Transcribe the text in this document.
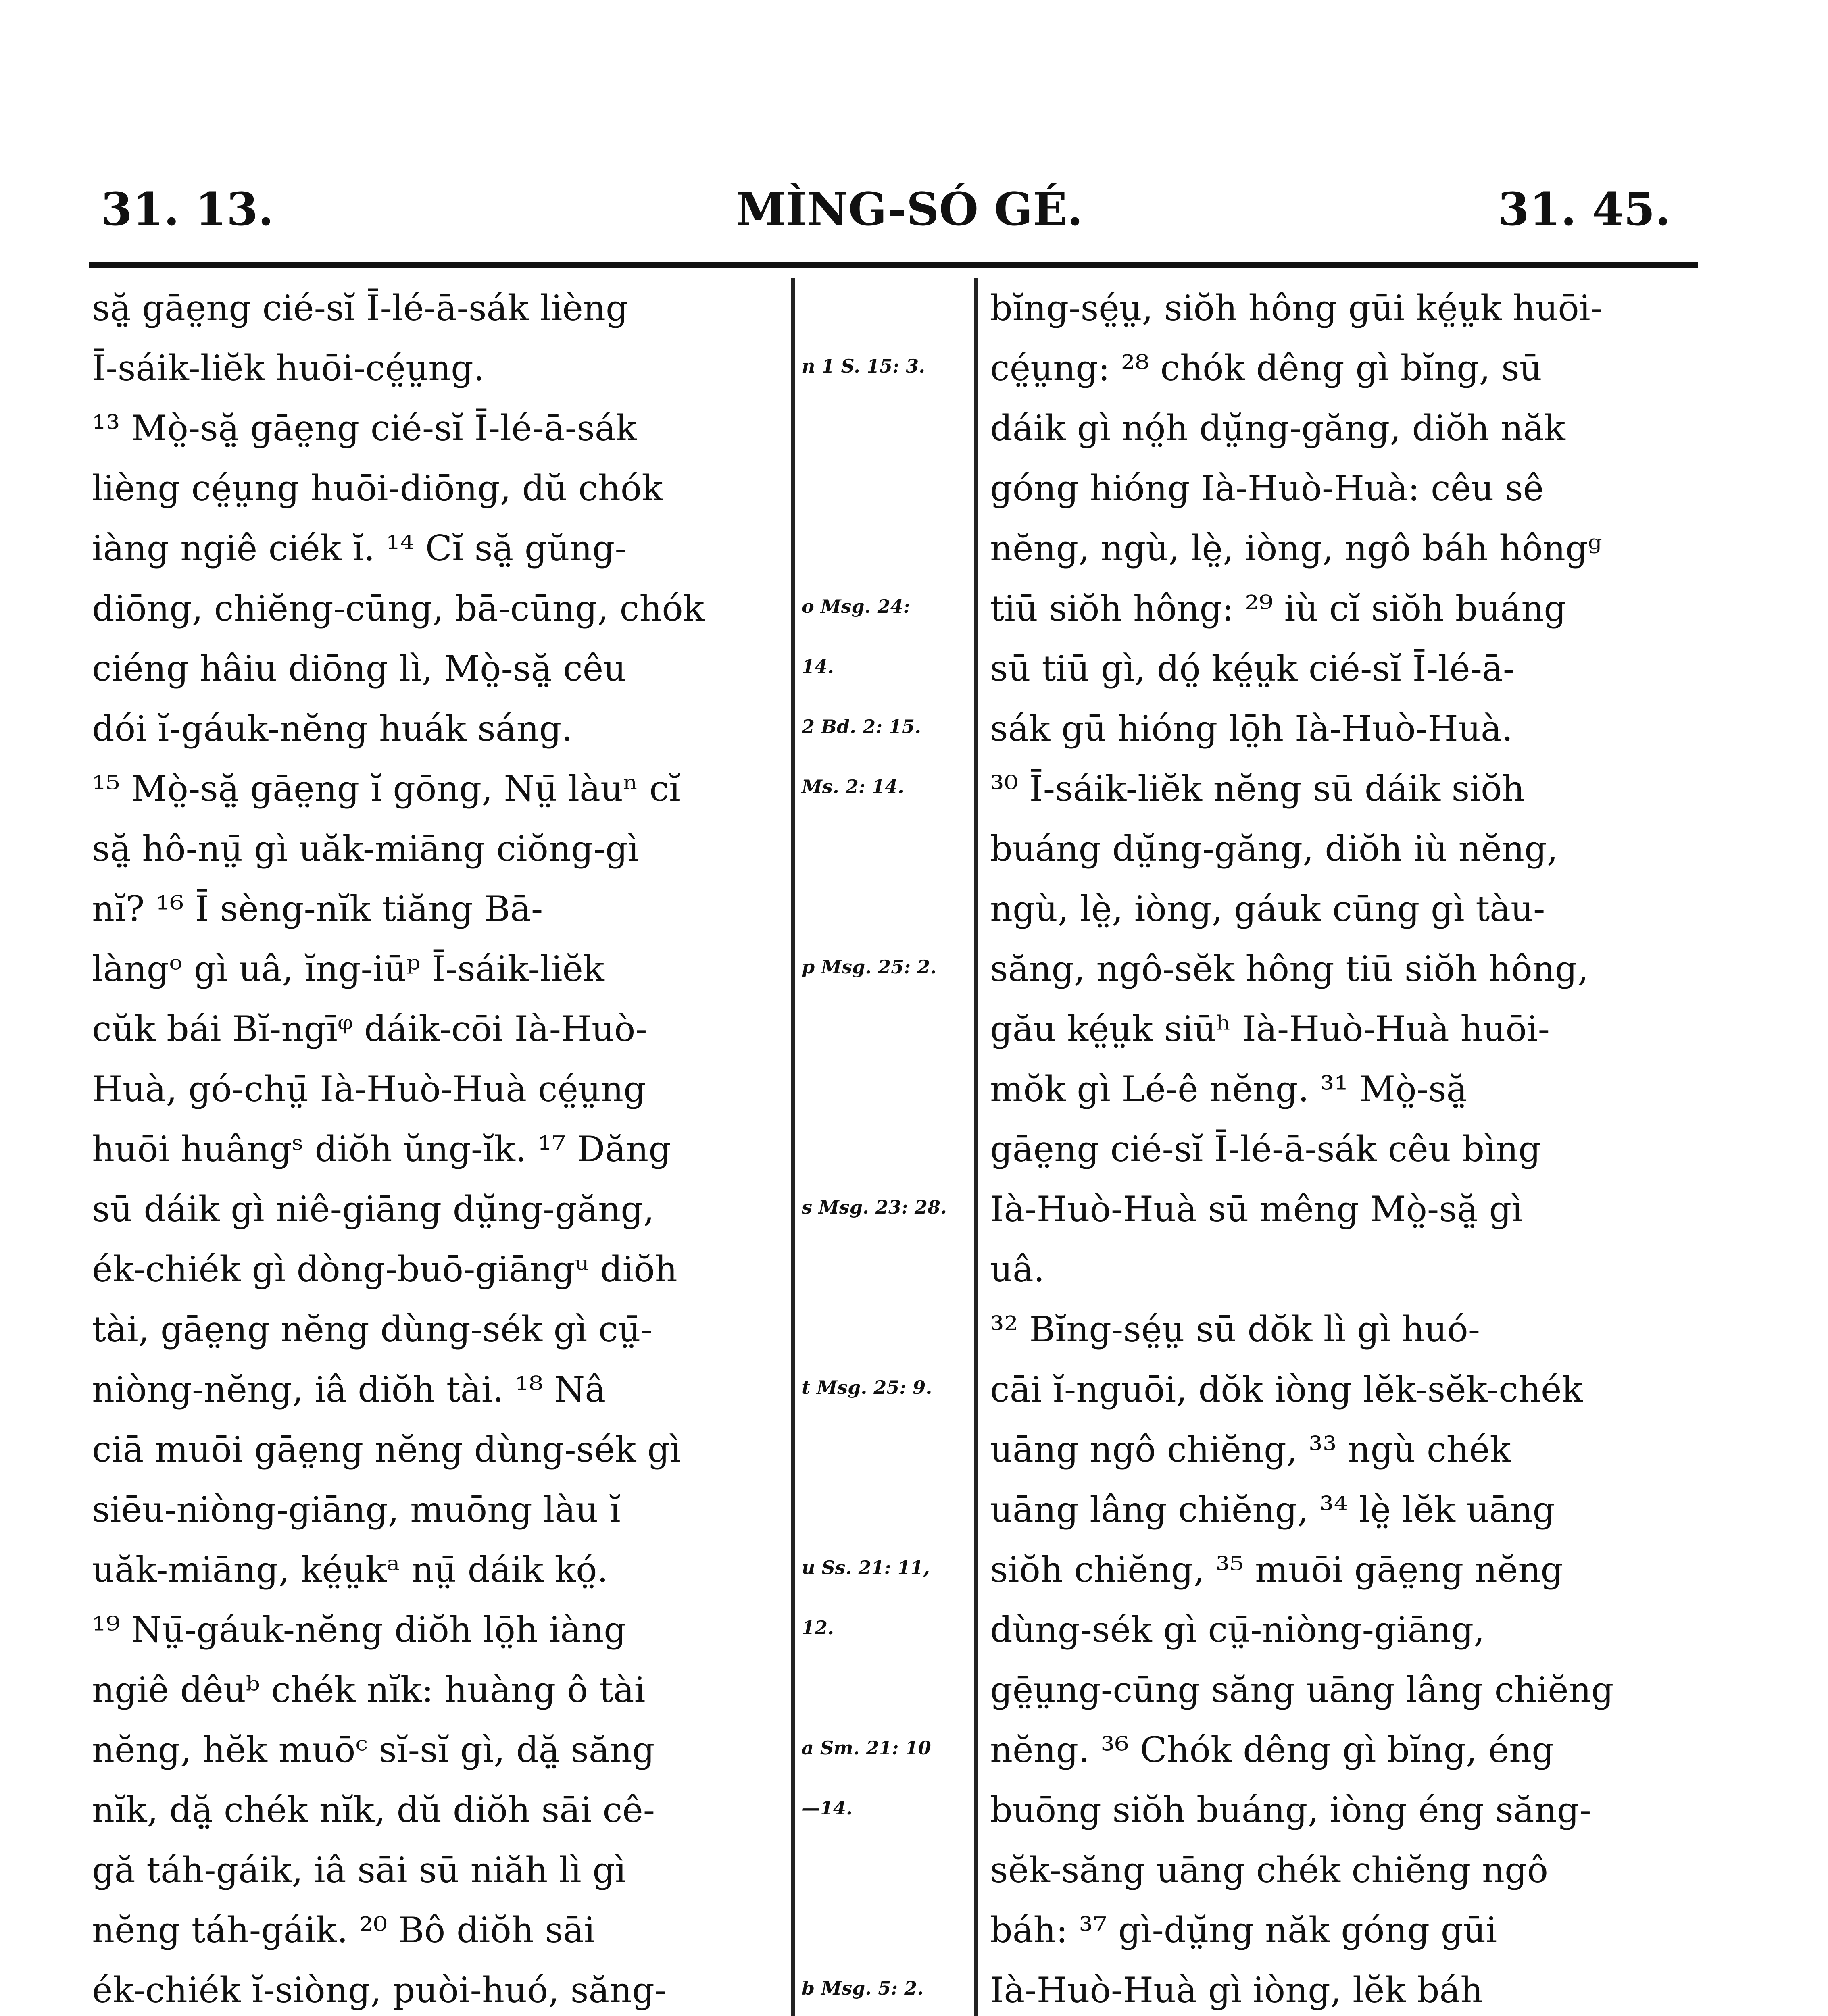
31. 13.	MÌNG-SÓ GÉ.	31. 45.
sặ̤ gāe̤ng cié-sĭ Ī-lé-ā-sák lièng
Ī-sáik-liĕk huōi-cé̤ṳng.
¹³ Mò̤-sặ̤ gāe̤ng cié-sĭ Ī-lé-ā-sák
lièng cé̤ṳng huōi-diōng, dŭ chók
iàng ngiê ciék ĭ. ¹⁴ Cĭ sặ̤ gŭng-
diōng, chiĕng-cūng, bā-cūng, chók
ciéng hâiu diōng lì, Mò̤-sặ̤ cêu
dói ĭ-gáuk-nĕng huák sáng.
¹⁵ Mò̤-sặ̤ gāe̤ng ĭ gōng, Nṳ̄ làuⁿ cĭ
sặ̤ hô-nṳ̄ gì uăk-miāng ciŏng-gì
nĭ? ¹⁶ Ī sèng-nĭk tiăng Bā-
làngᵒ gì uâ, ĭng-iūᵖ Ī-sáik-liĕk
cŭk bái Bĭ-ngīᵠ dáik-cōi Ià-Huò-
Huà, gó-chṳ̄ Ià-Huò-Huà cé̤ṳng
huōi huângˢ diŏh ŭng-ĭk. ¹⁷ Dăng
sū dáik gì niê-giāng dṳ̆ng-găng,
ék-chiék gì dòng-buō-giāngᵘ diŏh
tài, gāe̤ng nĕng dùng-sék gì cṳ̄-
niòng-nĕng, iâ diŏh tài. ¹⁸ Nâ
ciā muōi gāe̤ng nĕng dùng-sék gì
siēu-niòng-giāng, muōng làu ĭ
uăk-miāng, ké̤ṳkᵃ nṳ̄ dáik kó̤.
¹⁹ Nṳ̄-gáuk-nĕng diŏh lō̤h iàng
ngiê dêuᵇ chék nĭk: huàng ô tài
nĕng, hĕk muōᶜ sĭ-sĭ gì, dặ̤ săng
nĭk, dặ̤ chék nĭk, dŭ diŏh sāi cê-
gă táh-gáik, iâ sāi sū niăh lì gì
nĕng táh-gáik. ²⁰ Bô diŏh sāi
ék-chiék ĭ-siòng, puòi-huó, săng-
n 1 S. 15: 3.
o Msg. 24:
14.
2 Bd. 2: 15.
Ms. 2: 14.
p Msg. 25: 2.
s Msg. 23: 28.
t Msg. 25: 9.
u Ss. 21: 11,
12.
a Sm. 21: 10
—14.
b Msg. 5: 2.
bĭng-sé̤ṳ, siŏh hông gūi ké̤ṳk huōi-
cé̤ṳng: ²⁸ chók dêng gì bĭng, sū
dáik gì nó̤h dṳ̆ng-găng, diŏh năk
góng hióng Ià-Huò-Huà: cêu sê
nĕng, ngù, lè̤, iòng, ngô báh hôngᵍ
tiū siŏh hông: ²⁹ iù cĭ siŏh buáng
sū tiū gì, dó̤ ké̤ṳk cié-sĭ Ī-lé-ā-
sák gū hióng lō̤h Ià-Huò-Huà.
³⁰ Ī-sáik-liĕk nĕng sū dáik siŏh
buáng dṳ̆ng-găng, diŏh iù nĕng,
ngù, lè̤, iòng, gáuk cūng gì tàu-
săng, ngô-sĕk hông tiū siŏh hông,
gău ké̤ṳk siūʰ Ià-Huò-Huà huōi-
mŏk gì Lé-ê nĕng. ³¹ Mò̤-sặ̤
gāe̤ng cié-sĭ Ī-lé-ā-sák cêu bìng
Ià-Huò-Huà sū mêng Mò̤-sặ̤ gì
uâ.
³² Bĭng-sé̤ṳ sū dŏk lì gì huó-
cāi ĭ-nguōi, dŏk iòng lĕk-sĕk-chék
uāng ngô chiĕng, ³³ ngù chék
uāng lâng chiĕng, ³⁴ lè̤ lĕk uāng
siŏh chiĕng, ³⁵ muōi gāe̤ng nĕng
dùng-sék gì cṳ̄-niòng-giāng,
gē̤ṳng-cūng săng uāng lâng chiĕng
nĕng. ³⁶ Chók dêng gì bĭng, éng
buōng siŏh buáng, iòng éng săng-
sĕk-săng uāng chék chiĕng ngô
báh: ³⁷ gì-dṳ̆ng năk góng gūi
Ià-Huò-Huà gì iòng, lĕk báh
